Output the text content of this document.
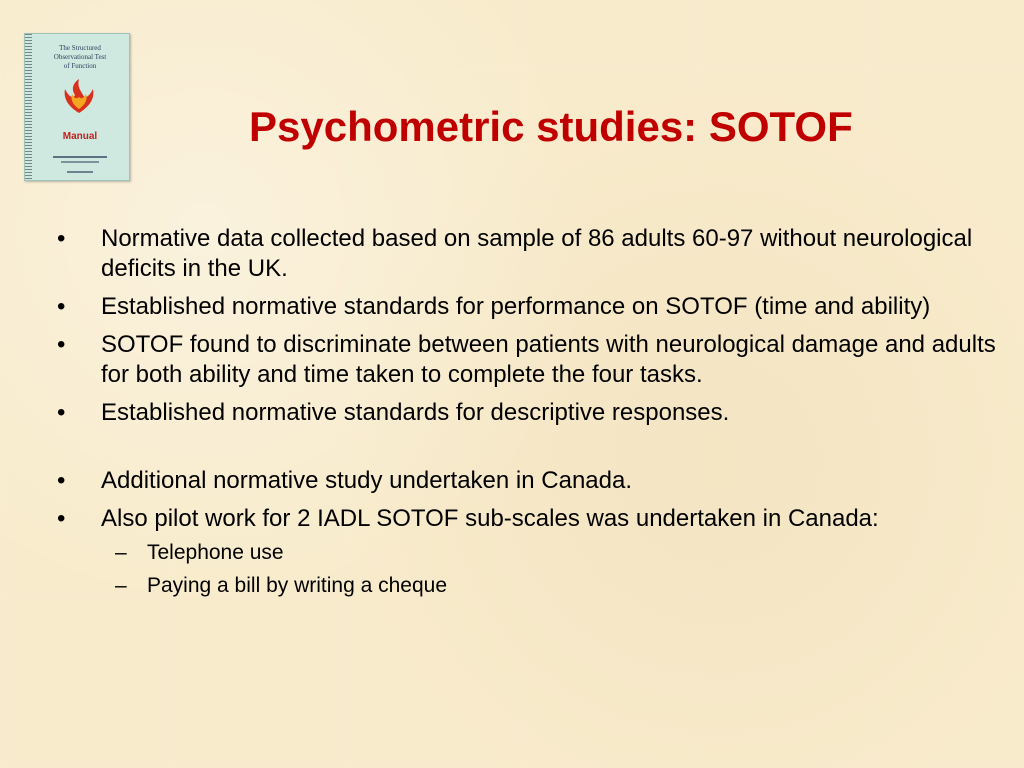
The Structured
Observational Test
of Function
Manual	Psychometric studies: SOTOF
•	Normative data collected based on sample of 86 adults 60-97 without neurological deficits in the UK.
•	Established normative standards for performance on SOTOF (time and ability)
•	SOTOF found to discriminate between patients with neurological damage and adults for both ability and time taken to complete the four tasks.
•	Established normative standards for descriptive responses.
•	Additional normative study undertaken in Canada.
•	Also pilot work for 2 IADL SOTOF sub-scales was undertaken in Canada:
– Telephone use
– Paying a bill by writing a cheque
